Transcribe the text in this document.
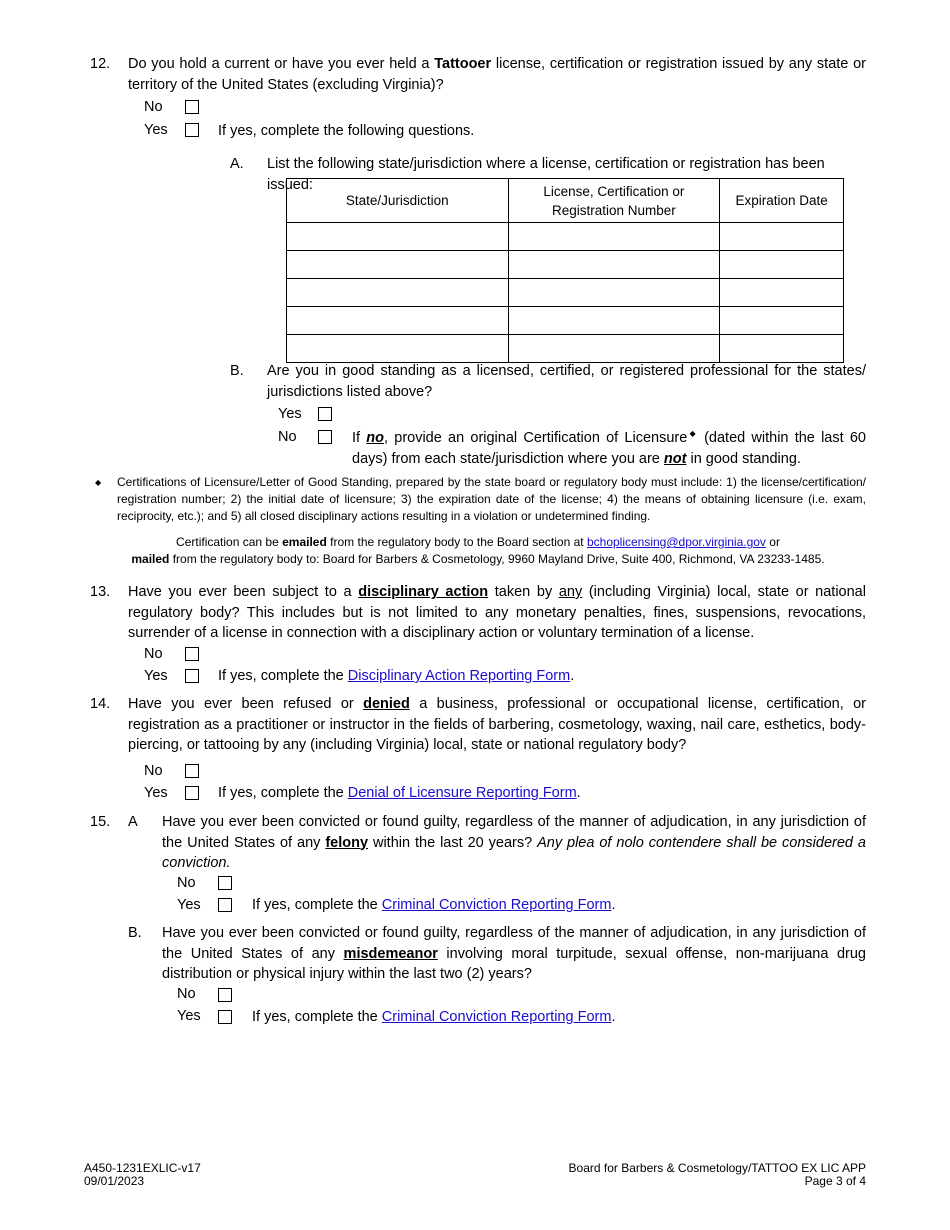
12. Do you hold a current or have you ever held a Tattooer license, certification or registration issued by any state or territory of the United States (excluding Virginia)?
No
Yes	If yes, complete the following questions.
A. List the following state/jurisdiction where a license, certification or registration has been issued:
State/Jurisdiction	License, Certification or Registration Number	Expiration Date

B. Are you in good standing as a licensed, certified, or registered professional for the states/ jurisdictions listed above?
Yes
No	If no, provide an original Certification of Licensure◆ (dated within the last 60 days) from each state/jurisdiction where you are not in good standing.
◆ Certifications of Licensure/Letter of Good Standing, prepared by the state board or regulatory body must include: 1) the license/certification/ registration number; 2) the initial date of licensure; 3) the expiration date of the license; 4) the means of obtaining licensure (i.e. exam, reciprocity, etc.); and 5) all closed disciplinary actions resulting in a violation or undetermined finding.
Certification can be emailed from the regulatory body to the Board section at bchoplicensing@dpor.virginia.gov or
mailed from the regulatory body to: Board for Barbers & Cosmetology, 9960 Mayland Drive, Suite 400, Richmond, VA 23233-1485.
13. Have you ever been subject to a disciplinary action taken by any (including Virginia) local, state or national regulatory body? This includes but is not limited to any monetary penalties, fines, suspensions, revocations, surrender of a license in connection with a disciplinary action or voluntary termination of a license.
No
Yes	If yes, complete the Disciplinary Action Reporting Form.
14. Have you ever been refused or denied a business, professional or occupational license, certification, or registration as a practitioner or instructor in the fields of barbering, cosmetology, waxing, nail care, esthetics, body-piercing, or tattooing by any (including Virginia) local, state or national regulatory body?
No
Yes	If yes, complete the Denial of Licensure Reporting Form.
15. A Have you ever been convicted or found guilty, regardless of the manner of adjudication, in any jurisdiction of the United States of any felony within the last 20 years? Any plea of nolo contendere shall be considered a conviction.
No
Yes	If yes, complete the Criminal Conviction Reporting Form.
B. Have you ever been convicted or found guilty, regardless of the manner of adjudication, in any jurisdiction of the United States of any misdemeanor involving moral turpitude, sexual offense, non-marijuana drug distribution or physical injury within the last two (2) years?
No
Yes	If yes, complete the Criminal Conviction Reporting Form.
A450-1231EXLIC-v17
09/01/2023
Board for Barbers & Cosmetology/TATTOO EX LIC APP
Page 3 of 4
